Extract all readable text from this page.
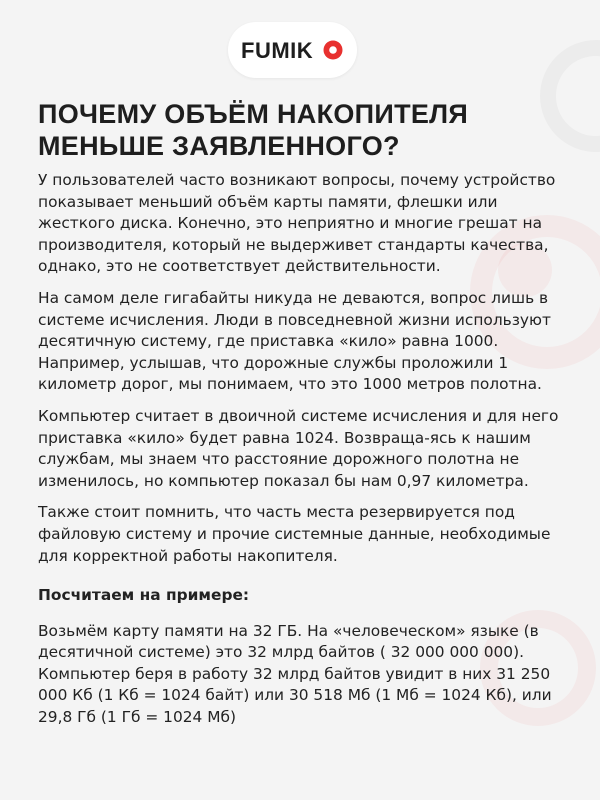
FUMIK
ПОЧЕМУ ОБЪЁМ НАКОПИТЕЛЯ МЕНЬШЕ ЗАЯВЛЕННОГО?

У пользователей часто возникают вопросы, почему устройство показывает меньший объём карты памяти, флешки или жесткого диска. Конечно, это неприятно и многие грешат на производителя, который не выдерживет стандарты качества, однако, это не соответствует действительности.

На самом деле гигабайты никуда не деваются, вопрос лишь в системе исчисления. Люди в повседневной жизни используют десятичную систему, где приставка «кило» равна 1000. Например, услышав, что дорожные службы проложили 1 километр дорог, мы понимаем, что это 1000 метров полотна.

Компьютер считает в двоичной системе исчисления и для него приставка «кило» будет равна 1024. Возвраща-ясь к нашим службам, мы знаем что расстояние дорожного полотна не изменилось, но компьютер показал бы нам 0,97 километра.

Также стоит помнить, что часть места резервируется под файловую систему и прочие системные данные, необходимые для корректной работы накопителя.

Посчитаем на примере:

Возьмём карту памяти на 32 ГБ. На «человеческом» языке (в десятичной системе) это 32 млрд байтов ( 32 000 000 000). Компьютер беря в работу 32 млрд байтов увидит в них 31 250 000 Кб (1 Кб = 1024 байт) или 30 518 Мб (1 Мб = 1024 Кб), или 29,8 Гб (1 Гб = 1024 Мб)
